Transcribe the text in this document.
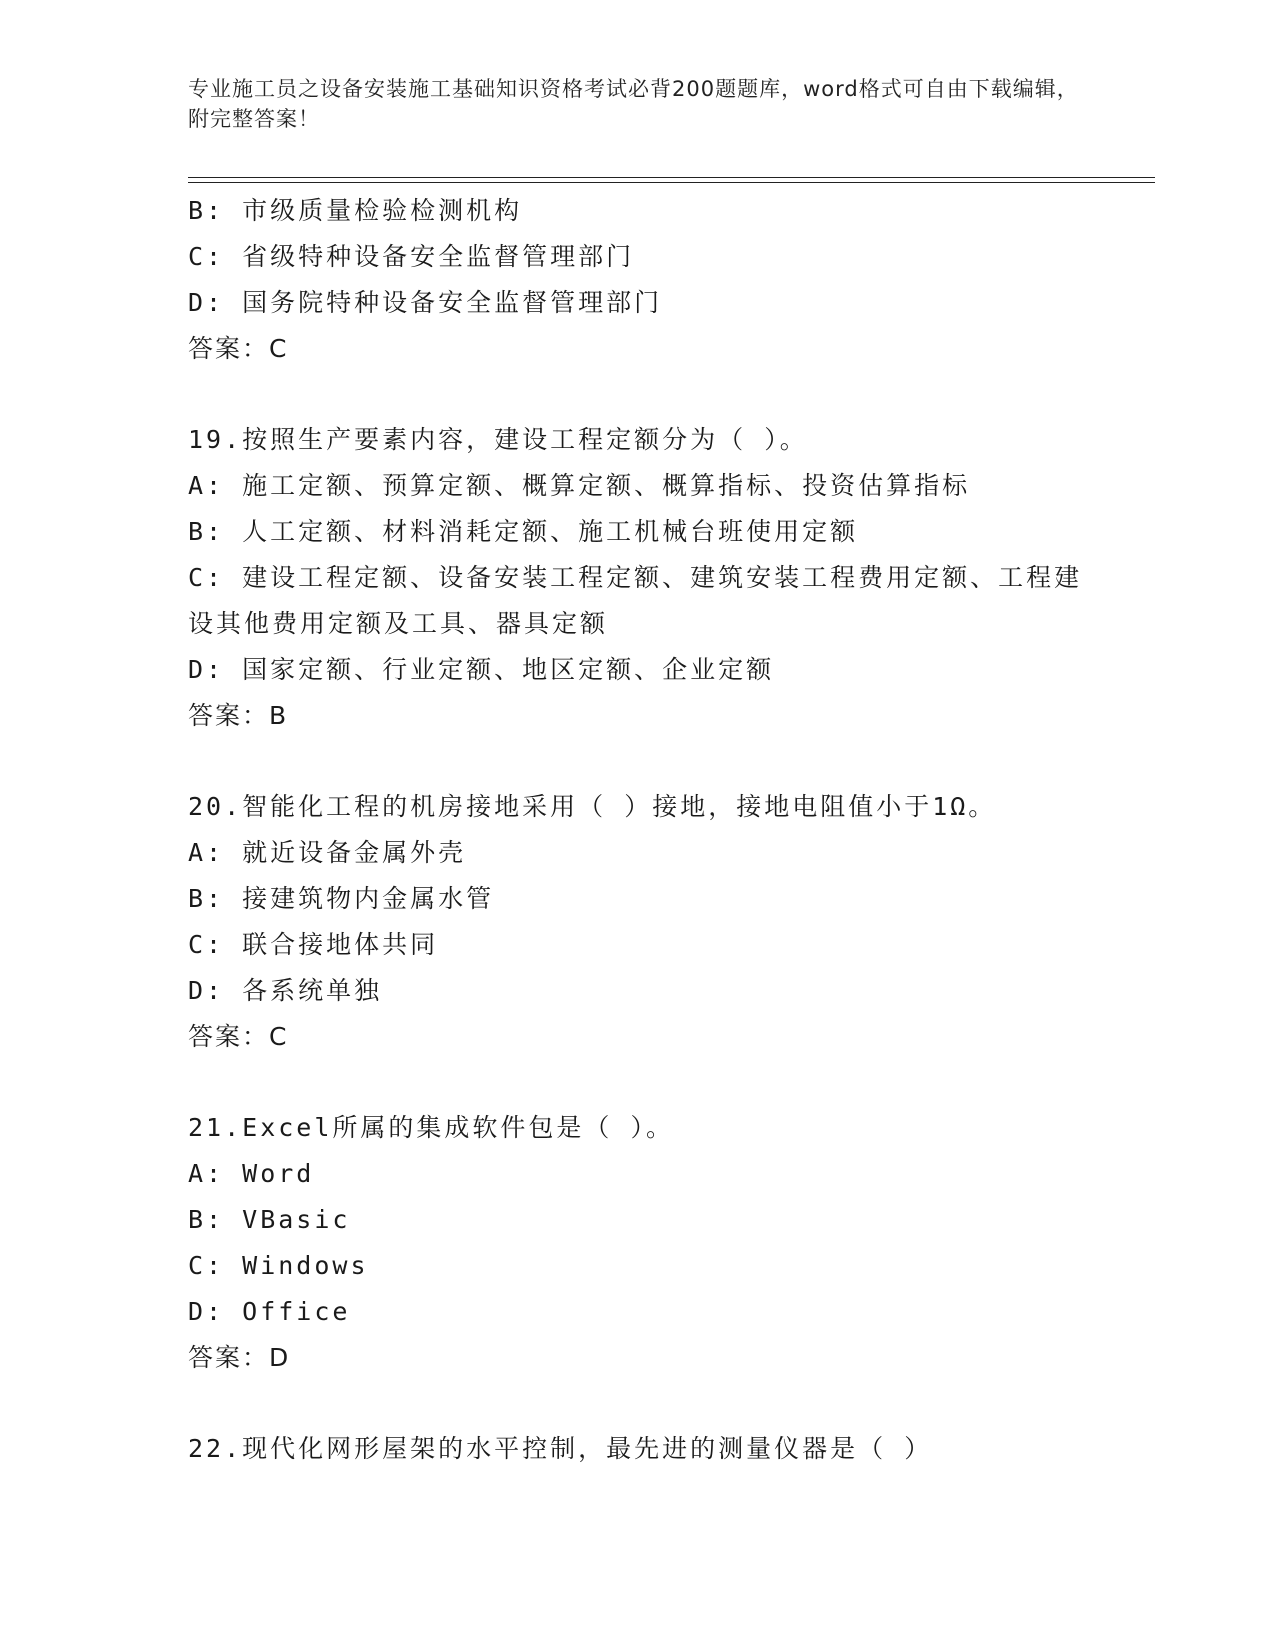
专业施工员之设备安装施工基础知识资格考试必背200题题库，word格式可自由下载编辑，附完整答案！
B: 市级质量检验检测机构
C: 省级特种设备安全监督管理部门
D: 国务院特种设备安全监督管理部门
答案：C
19.按照生产要素内容，建设工程定额分为（ ）。
A: 施工定额、预算定额、概算定额、概算指标、投资估算指标
B: 人工定额、材料消耗定额、施工机械台班使用定额
C: 建设工程定额、设备安装工程定额、建筑安装工程费用定额、工程建设其他费用定额及工具、器具定额
D: 国家定额、行业定额、地区定额、企业定额
答案：B
20.智能化工程的机房接地采用（ ）接地，接地电阻值小于1Ω。
A: 就近设备金属外壳
B: 接建筑物内金属水管
C: 联合接地体共同
D: 各系统单独
答案：C
21.Excel所属的集成软件包是（ ）。
A: Word
B: VBasic
C: Windows
D: Office
答案：D
22.现代化网形屋架的水平控制，最先进的测量仪器是（ ）
